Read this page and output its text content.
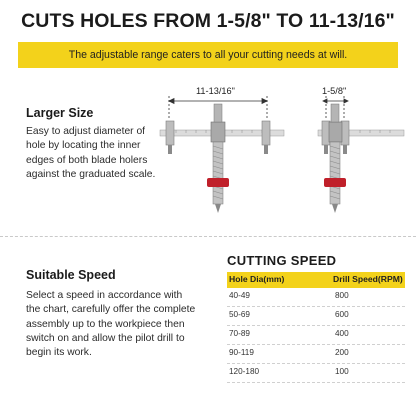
CUTS HOLES FROM 1-5/8" TO 11-13/16"
The adjustable range caters to all your cutting needs at will.
Larger Size
Easy to adjust diameter of
hole by locating the inner
edges of both blade holers
against the graduated scale.
11-13/16"	1-5/8"
Suitable Speed
Select a speed in accordance with
the chart, carefully offer the complete
assembly up to the workpiece then
switch on and allow the pilot drill to
begin its work.
CUTTING SPEED
Hole Dia(mm)	Drill Speed(RPM)
40-49	800
50-69	600
70-89	400
90-119	200
120-180	100
